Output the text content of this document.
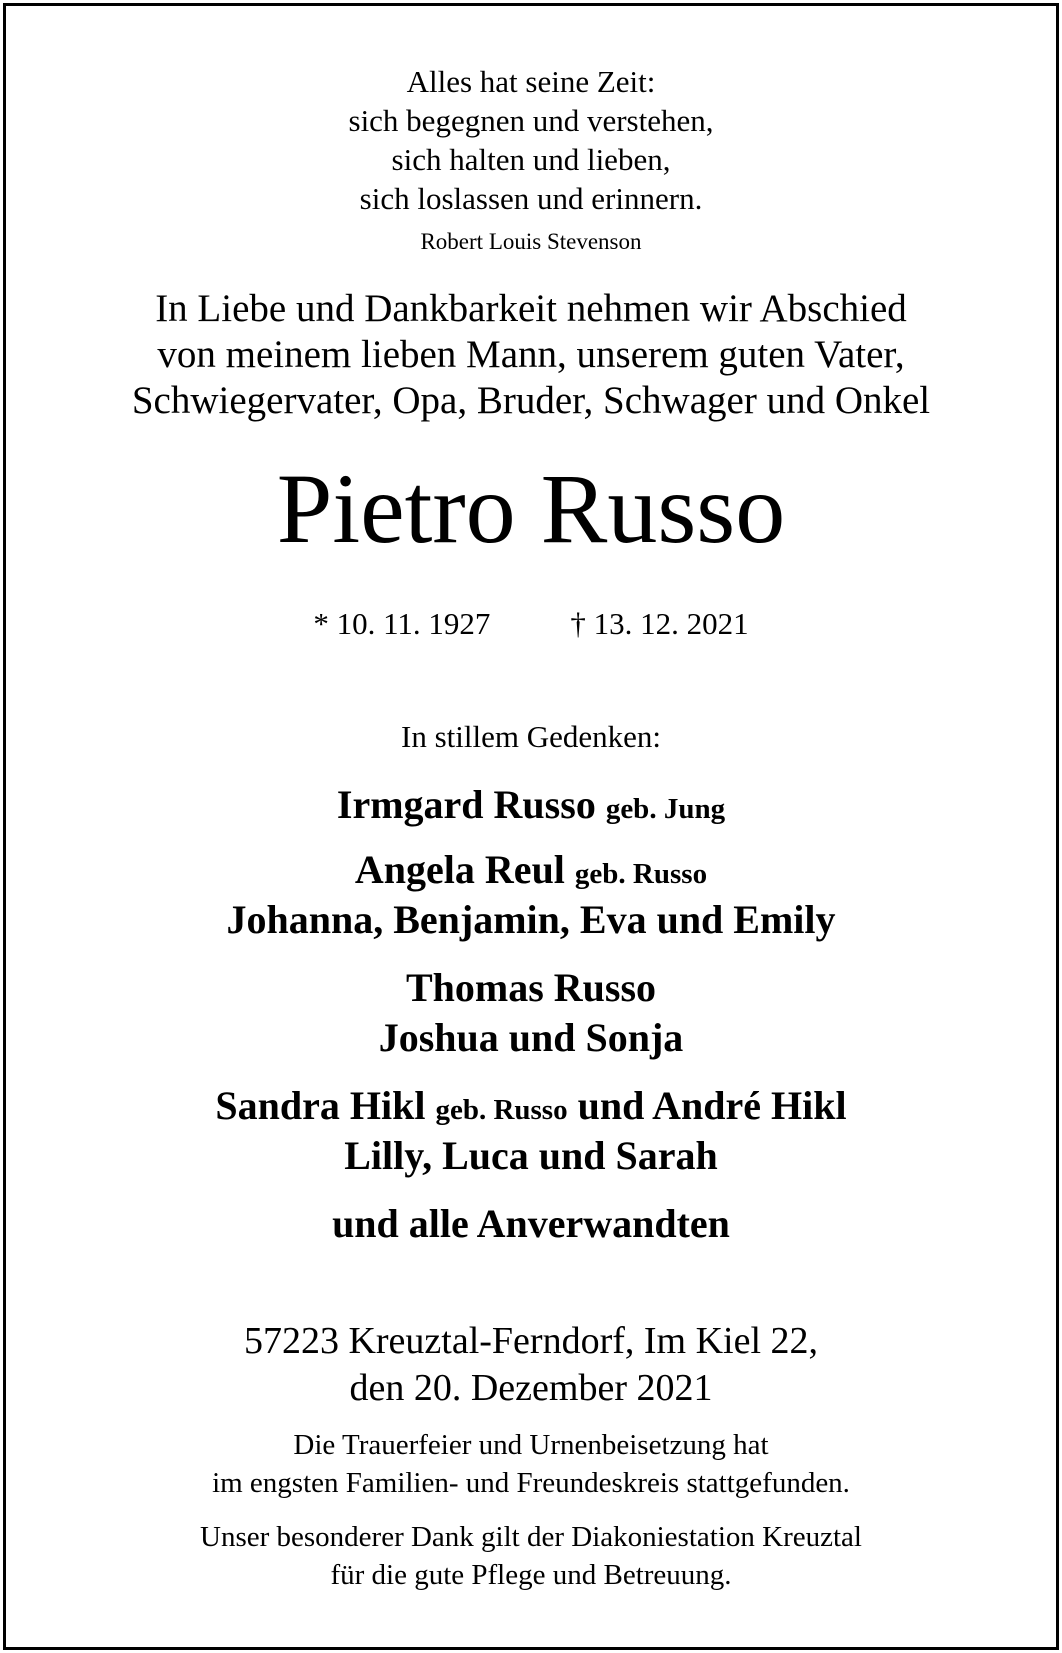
Alles hat seine Zeit:
sich begegnen und verstehen,
sich halten und lieben,
sich loslassen und erinnern.
Robert Louis Stevenson
In Liebe und Dankbarkeit nehmen wir Abschied
von meinem lieben Mann, unserem guten Vater,
Schwiegervater, Opa, Bruder, Schwager und Onkel
Pietro Russo
* 10. 11. 1927	† 13. 12. 2021
In stillem Gedenken:
Irmgard Russo geb. Jung
Angela Reul geb. Russo
Johanna, Benjamin, Eva und Emily
Thomas Russo
Joshua und Sonja
Sandra Hikl geb. Russo und André Hikl
Lilly, Luca und Sarah
und alle Anverwandten
57223 Kreuztal-Ferndorf, Im Kiel 22,
den 20. Dezember 2021
Die Trauerfeier und Urnenbeisetzung hat
im engsten Familien- und Freundeskreis stattgefunden.
Unser besonderer Dank gilt der Diakoniestation Kreuztal
für die gute Pflege und Betreuung.
